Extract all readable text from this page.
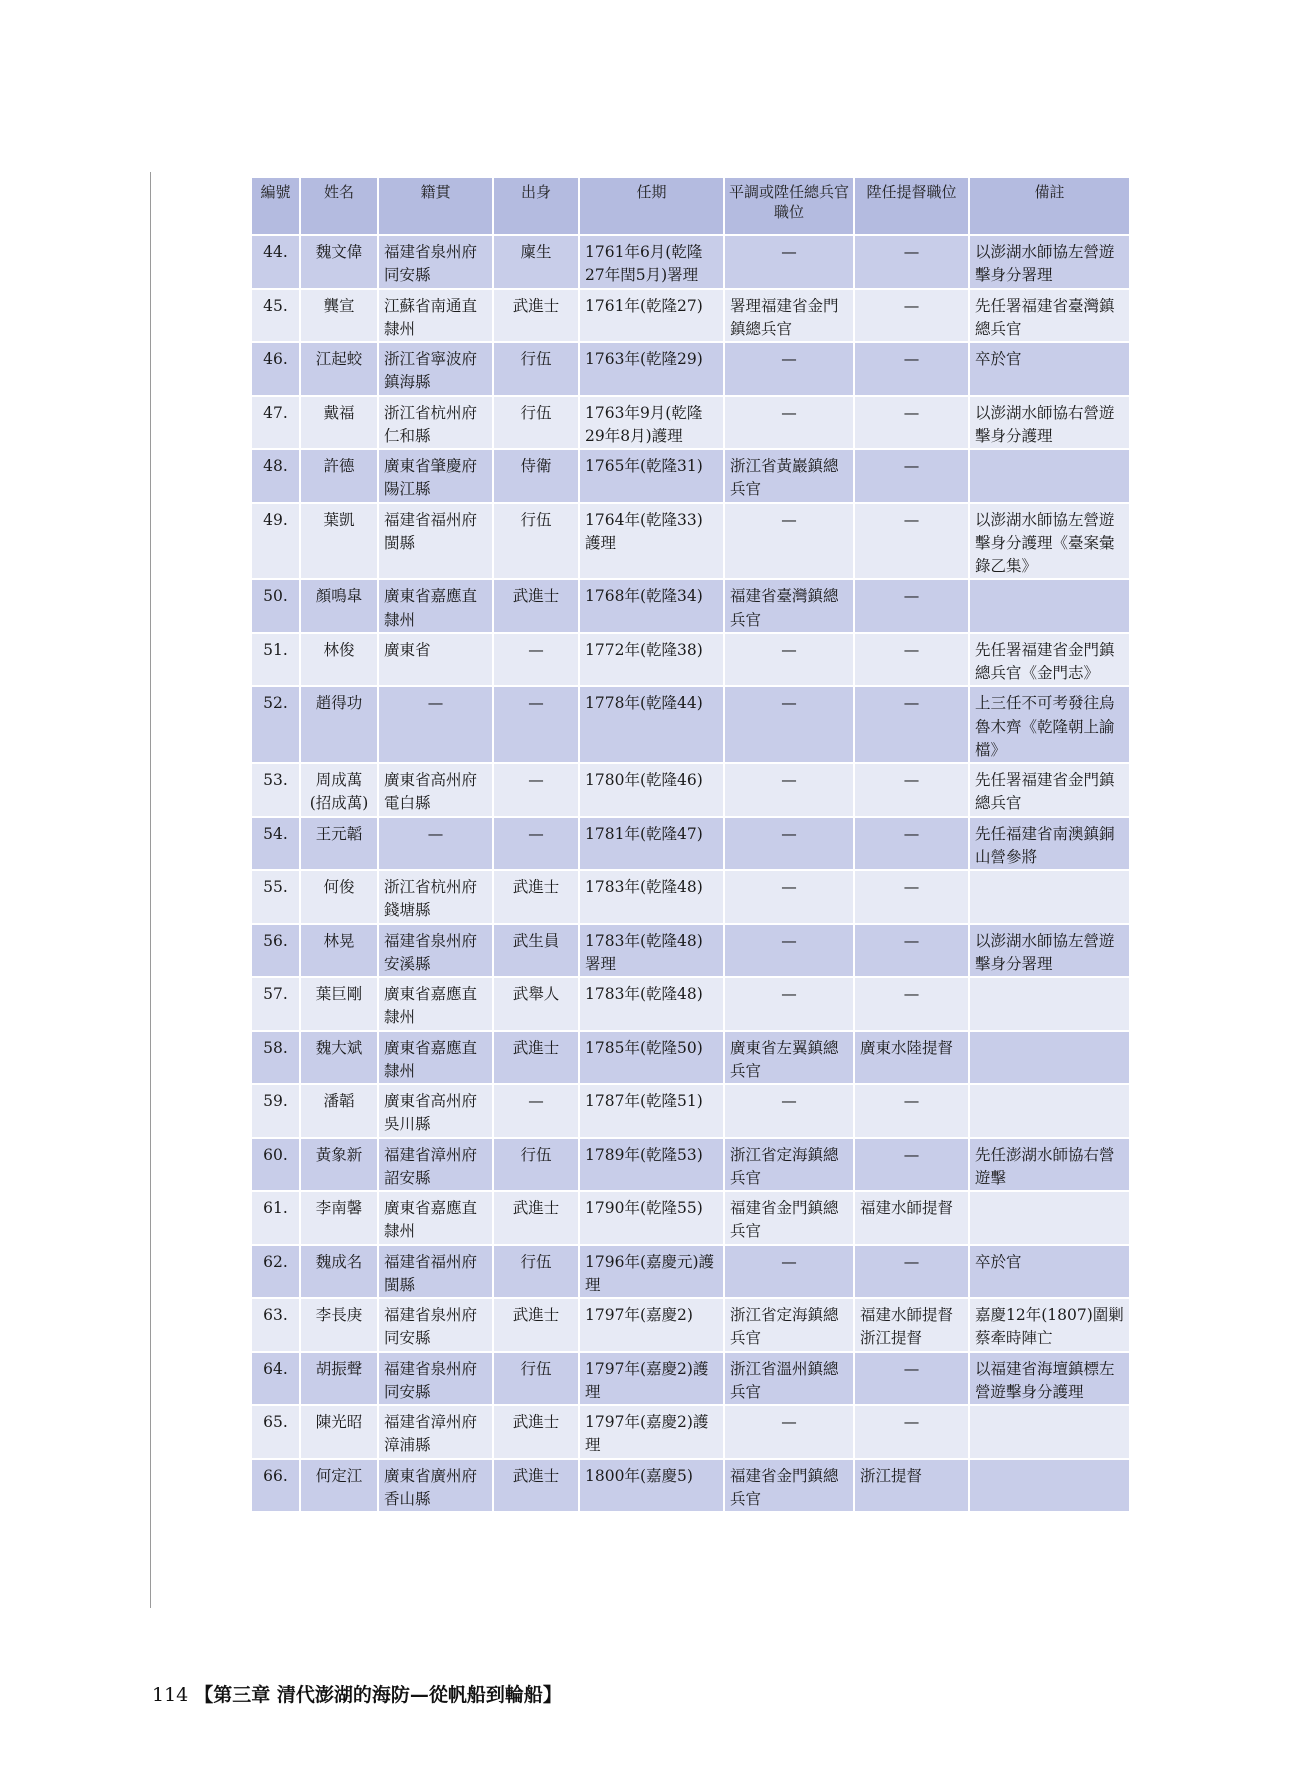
編號	姓名	籍貫	出身	任期	平調或陞任總兵官職位	陞任提督職位	備註
44.	魏文偉	福建省泉州府同安縣	廩生	1761年6月(乾隆27年閏5月)署理	—	—	以澎湖水師協左營遊擊身分署理
45.	龔宣	江蘇省南通直隸州	武進士	1761年(乾隆27)	署理福建省金門鎮總兵官	—	先任署福建省臺灣鎮總兵官
46.	江起蛟	浙江省寧波府鎮海縣	行伍	1763年(乾隆29)	—	—	卒於官
47.	戴福	浙江省杭州府仁和縣	行伍	1763年9月(乾隆29年8月)護理	—	—	以澎湖水師協右營遊擊身分護理
48.	許德	廣東省肇慶府陽江縣	侍衛	1765年(乾隆31)	浙江省黃巖鎮總兵官	—	
49.	葉凱	福建省福州府閩縣	行伍	1764年(乾隆33)護理	—	—	以澎湖水師協左營遊擊身分護理《臺案彙錄乙集》
50.	顏鳴皐	廣東省嘉應直隸州	武進士	1768年(乾隆34)	福建省臺灣鎮總兵官	—	
51.	林俊	廣東省	—	1772年(乾隆38)	—	—	先任署福建省金門鎮總兵官《金門志》
52.	趙得功	—	—	1778年(乾隆44)	—	—	上三任不可考發往烏魯木齊《乾隆朝上諭檔》
53.	周成萬(招成萬)	廣東省高州府電白縣	—	1780年(乾隆46)	—	—	先任署福建省金門鎮總兵官
54.	王元韜	—	—	1781年(乾隆47)	—	—	先任福建省南澳鎮銅山營參將
55.	何俊	浙江省杭州府錢塘縣	武進士	1783年(乾隆48)	—	—	
56.	林晃	福建省泉州府安溪縣	武生員	1783年(乾隆48)署理	—	—	以澎湖水師協左營遊擊身分署理
57.	葉巨剛	廣東省嘉應直隸州	武舉人	1783年(乾隆48)	—	—	
58.	魏大斌	廣東省嘉應直隸州	武進士	1785年(乾隆50)	廣東省左翼鎮總兵官	廣東水陸提督	
59.	潘韜	廣東省高州府吳川縣	—	1787年(乾隆51)	—	—	
60.	黃象新	福建省漳州府詔安縣	行伍	1789年(乾隆53)	浙江省定海鎮總兵官	—	先任澎湖水師協右營遊擊
61.	李南馨	廣東省嘉應直隸州	武進士	1790年(乾隆55)	福建省金門鎮總兵官	福建水師提督	
62.	魏成名	福建省福州府閩縣	行伍	1796年(嘉慶元)護理	—	—	卒於官
63.	李長庚	福建省泉州府同安縣	武進士	1797年(嘉慶2)	浙江省定海鎮總兵官	福建水師提督浙江提督	嘉慶12年(1807)圍剿蔡牽時陣亡
64.	胡振聲	福建省泉州府同安縣	行伍	1797年(嘉慶2)護理	浙江省溫州鎮總兵官	—	以福建省海壇鎮標左營遊擊身分護理
65.	陳光昭	福建省漳州府漳浦縣	武進士	1797年(嘉慶2)護理	—	—	
66.	何定江	廣東省廣州府香山縣	武進士	1800年(嘉慶5)	福建省金門鎮總兵官	浙江提督	
114 【第三章 清代澎湖的海防—從帆船到輪船】
